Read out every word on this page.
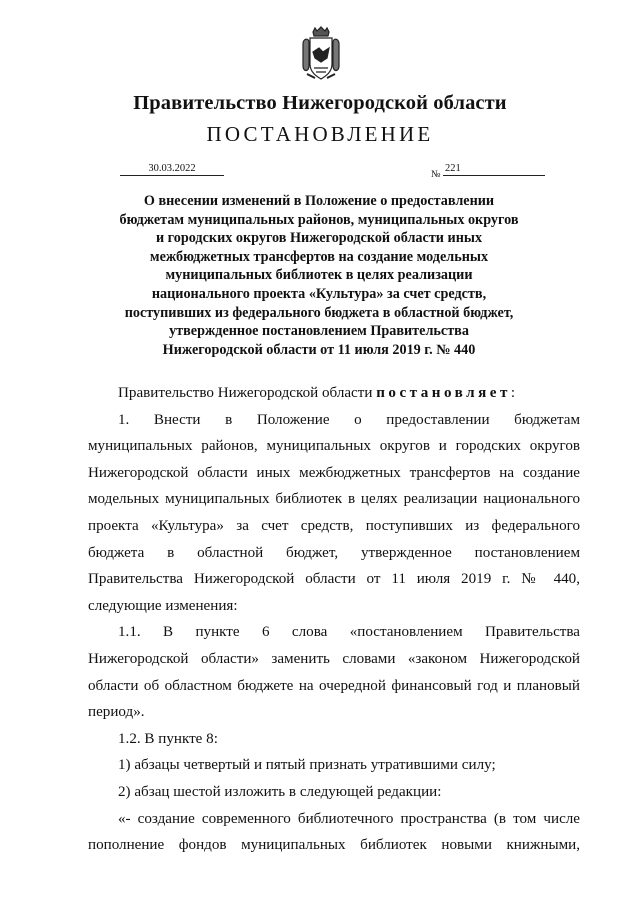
Правительство Нижегородской области
ПОСТАНОВЛЕНИЕ
30.03.2022
№
221
О внесении изменений в Положение о предоставлении
бюджетам муниципальных районов, муниципальных округов
и городских округов Нижегородской области иных
межбюджетных трансфертов на создание модельных
муниципальных библиотек в целях реализации
национального проекта «Культура» за счет средств,
поступивших из федерального бюджета в областной бюджет,
утвержденное постановлением Правительства
Нижегородской области от 11 июля 2019 г. № 440
Правительство Нижегородской области постановляет:
1. Внести в Положение о предоставлении бюджетам
муниципальных районов, муниципальных округов и городских округов
Нижегородской области иных межбюджетных трансфертов на создание
модельных муниципальных библиотек в целях реализации национального
проекта «Культура» за счет средств, поступивших из федерального
бюджета в областной бюджет, утвержденное постановлением
Правительства Нижегородской области от 11 июля 2019 г. № 440,
следующие изменения:
1.1. В пункте 6 слова «постановлением Правительства
Нижегородской области» заменить словами «законом Нижегородской
области об областном бюджете на очередной финансовый год и плановый
период».
1.2. В пункте 8:
1) абзацы четвертый и пятый признать утратившими силу;
2) абзац шестой изложить в следующей редакции:
«- создание современного библиотечного пространства (в том числе
пополнение фондов муниципальных библиотек новыми книжными,
